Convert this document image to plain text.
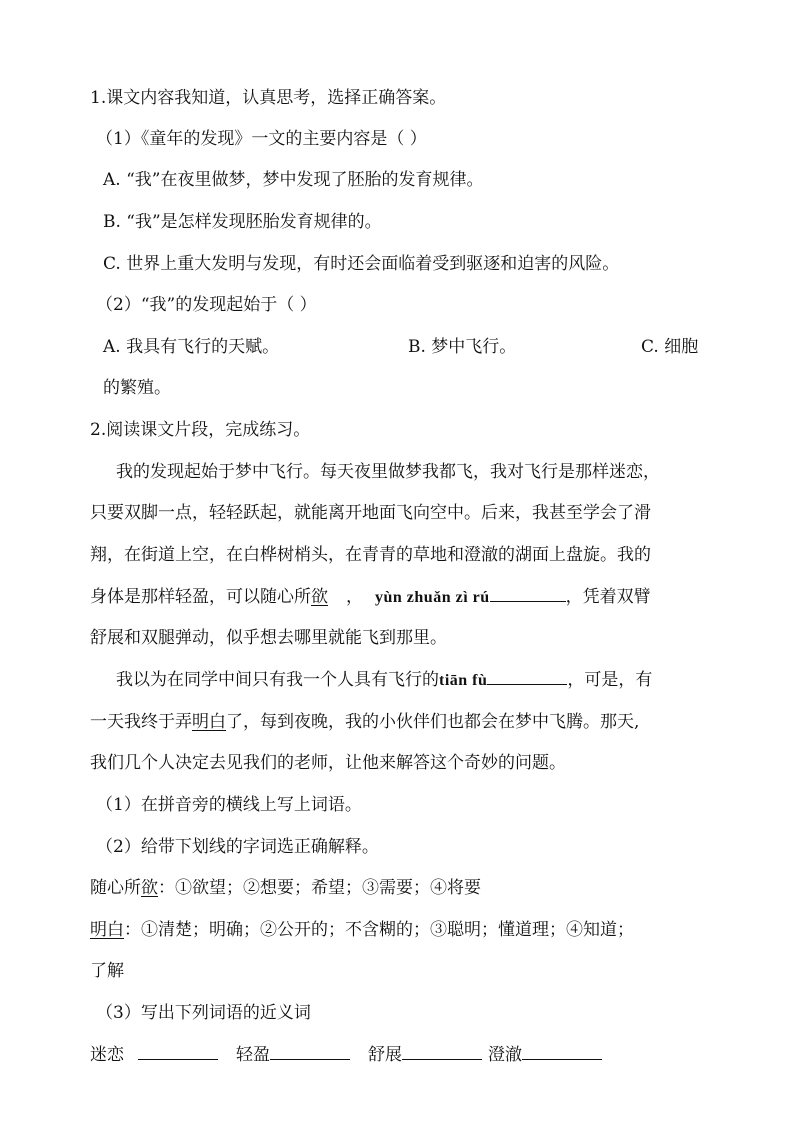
1.课文内容我知道，认真思考，选择正确答案。
（1）《童年的发现》一文的主要内容是（ ）
A. “我”在夜里做梦，梦中发现了胚胎的发育规律。
B. “我”是怎样发现胚胎发育规律的。
C. 世界上重大发明与发现，有时还会面临着受到驱逐和迫害的风险。
（2）“我”的发现起始于（ ）
A. 我具有飞行的天赋。	B. 梦中飞行。	C. 细胞
的繁殖。
2.阅读课文片段，完成练习。
我的发现起始于梦中飞行。每天夜里做梦我都飞，我对飞行是那样迷恋，
只要双脚一点，轻轻跃起，就能离开地面飞向空中。后来，我甚至学会了滑
翔，在街道上空，在白桦树梢头，在青青的草地和澄澈的湖面上盘旋。我的
身体是那样轻盈，可以随心所欲 ， yùn zhuǎn zì rú	，凭着双臂
舒展和双腿弹动，似乎想去哪里就能飞到那里。
我以为在同学中间只有我一个人具有飞行的tiān fù	，可是，有
一天我终于弄明白了，每到夜晚，我的小伙伴们也都会在梦中飞腾。那天,
我们几个人决定去见我们的老师，让他来解答这个奇妙的问题。
（1）在拼音旁的横线上写上词语。
（2）给带下划线的字词选正确解释。
随心所欲：①欲望；②想要；希望；③需要；④将要
明白：①清楚；明确；②公开的；不含糊的；③聪明；懂道理；④知道；
了解
（3）写出下列词语的近义词
迷恋	轻盈	舒展	澄澈
